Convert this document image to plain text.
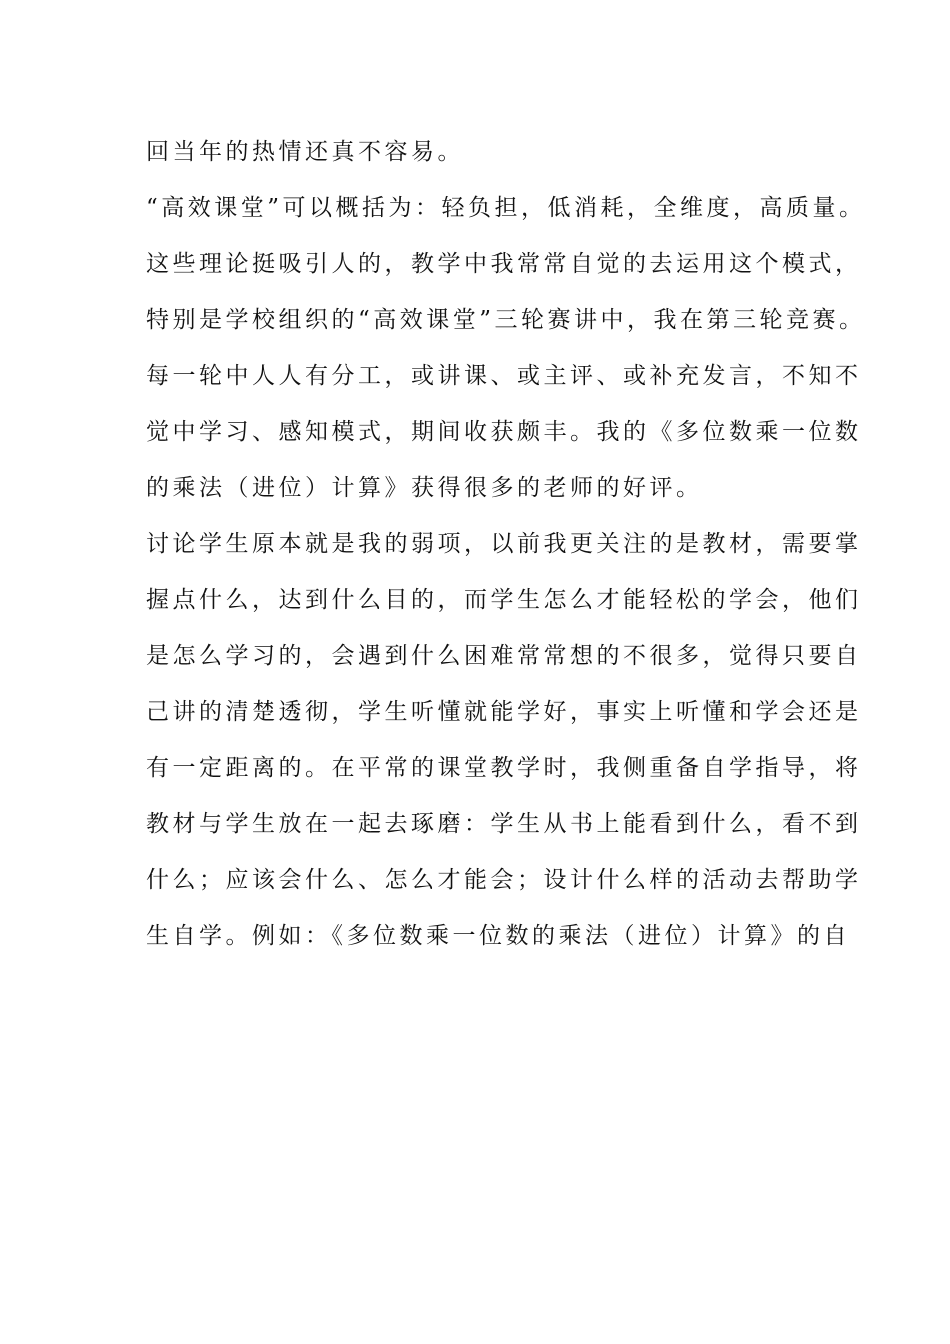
回当年的热情还真不容易。
“高效课堂”可以概括为：轻负担，低消耗，全维度，高质量。
这些理论挺吸引人的，教学中我常常自觉的去运用这个模式，
特别是学校组织的“高效课堂”三轮赛讲中，我在第三轮竞赛。
每一轮中人人有分工，或讲课、或主评、或补充发言，不知不
觉中学习、感知模式，期间收获颇丰。我的《多位数乘一位数
的乘法（进位）计算》获得很多的老师的好评。
讨论学生原本就是我的弱项，以前我更关注的是教材，需要掌
握点什么，达到什么目的，而学生怎么才能轻松的学会，他们
是怎么学习的，会遇到什么困难常常想的不很多，觉得只要自
己讲的清楚透彻，学生听懂就能学好，事实上听懂和学会还是
有一定距离的。在平常的课堂教学时，我侧重备自学指导，将
教材与学生放在一起去琢磨：学生从书上能看到什么，看不到
什么；应该会什么、怎么才能会；设计什么样的活动去帮助学
生自学。例如：《多位数乘一位数的乘法（进位）计算》的自
